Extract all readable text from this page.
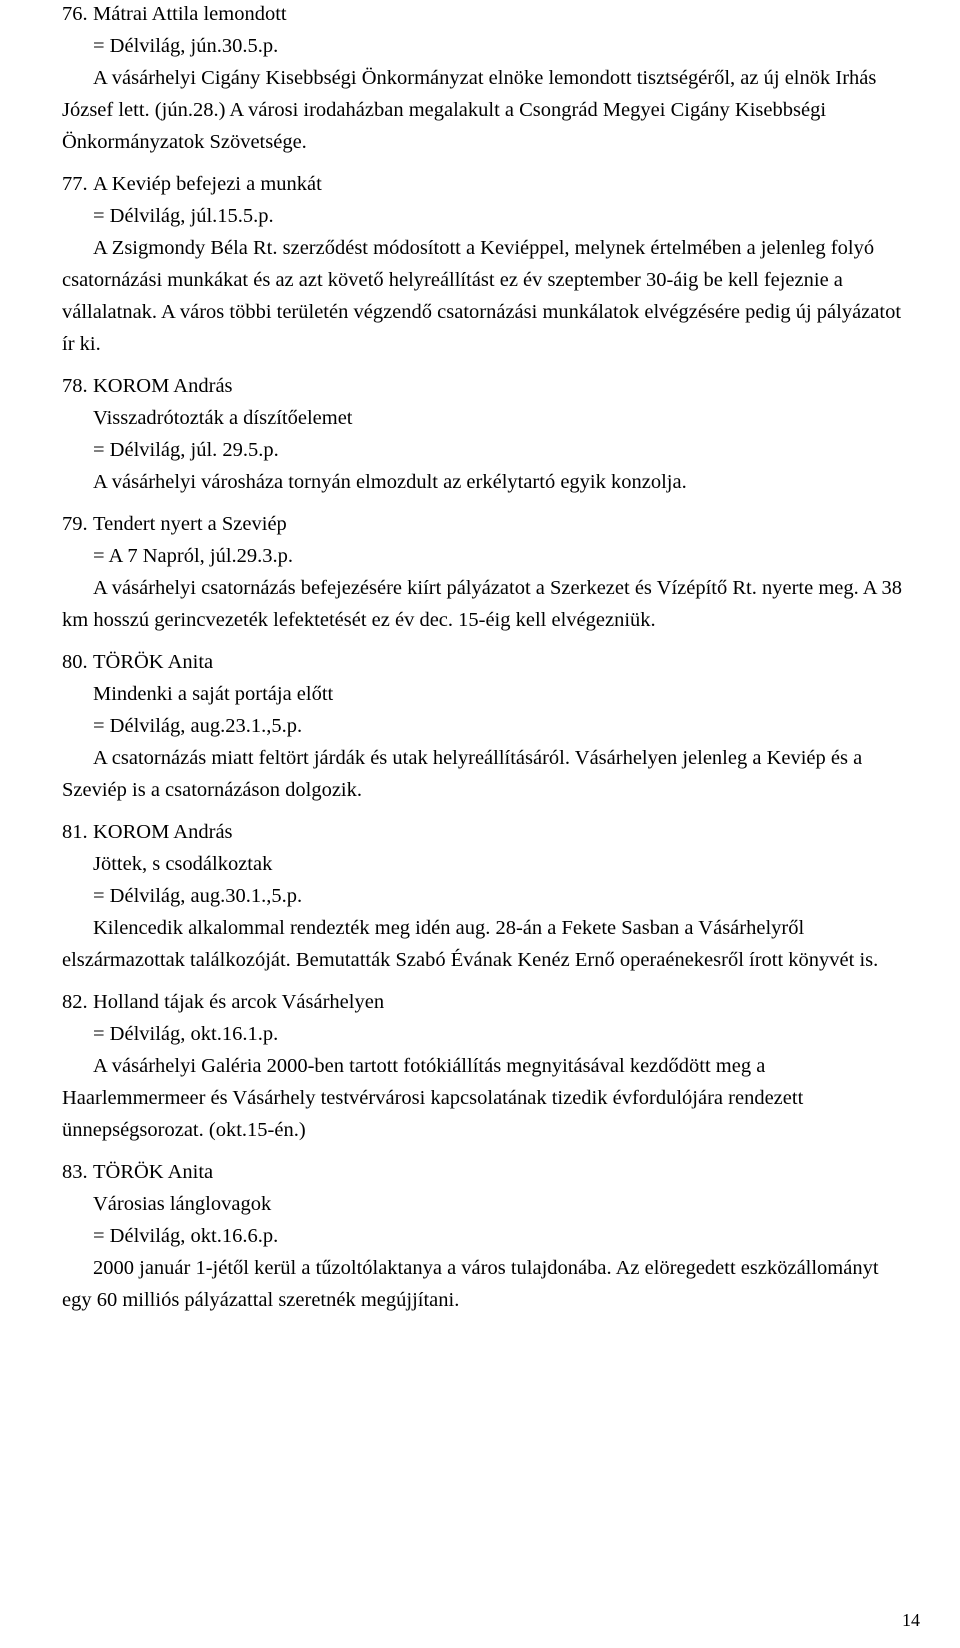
76. Mátrai Attila lemondott
= Délvilág, jún.30.5.p.
A vásárhelyi Cigány Kisebbségi Önkormányzat elnöke lemondott tisztségéről, az új elnök Irhás József lett. (jún.28.) A városi irodaházban megalakult a Csongrád Megyei Cigány Kisebbségi Önkormányzatok Szövetsége.
77. A Keviép befejezi a munkát
= Délvilág, júl.15.5.p.
A Zsigmondy Béla Rt. szerződést módosított a Keviéppel, melynek értelmében a jelenleg folyó csatornázási munkákat és az azt követő helyreállítást ez év szeptember 30-áig be kell fejeznie a vállalatnak. A város többi területén végzendő csatornázási munkálatok elvégzésére pedig új pályázatot ír ki.
78. KOROM András
Visszadrótozták a díszítőelemet
= Délvilág, júl. 29.5.p.
A vásárhelyi városháza tornyán elmozdult az erkélytartó egyik konzolja.
79. Tendert nyert a Szeviép
= A 7 Napról, júl.29.3.p.
A vásárhelyi csatornázás befejezésére kiírt pályázatot a Szerkezet és Vízépítő Rt. nyerte meg. A 38 km hosszú gerincvezeték lefektetését ez év dec. 15-éig kell elvégezniük.
80. TÖRÖK Anita
Mindenki a saját portája előtt
= Délvilág, aug.23.1.,5.p.
A csatornázás miatt feltört járdák és utak helyreállításáról. Vásárhelyen jelenleg a Keviép és a Szeviép is a csatornázáson dolgozik.
81. KOROM András
Jöttek, s csodálkoztak
= Délvilág, aug.30.1.,5.p.
Kilencedik alkalommal rendezték meg idén aug. 28-án a Fekete Sasban a Vásárhelyről elszármazottak találkozóját. Bemutatták Szabó Évának Kenéz Ernő operaénekesről írott könyvét is.
82. Holland tájak és arcok Vásárhelyen
= Délvilág, okt.16.1.p.
A vásárhelyi Galéria 2000-ben tartott fotókiállítás megnyitásával kezdődött meg a Haarlemmermeer és Vásárhely testvérvárosi kapcsolatának tizedik évfordulójára rendezett ünnepségsorozat. (okt.15-én.)
83. TÖRÖK Anita
Városias lánglovagok
= Délvilág, okt.16.6.p.
2000 január 1-jétől kerül a tűzoltólaktanya a város tulajdonába. Az elöregedett eszközállományt egy 60 milliós pályázattal szeretnék megújjítani.
14
